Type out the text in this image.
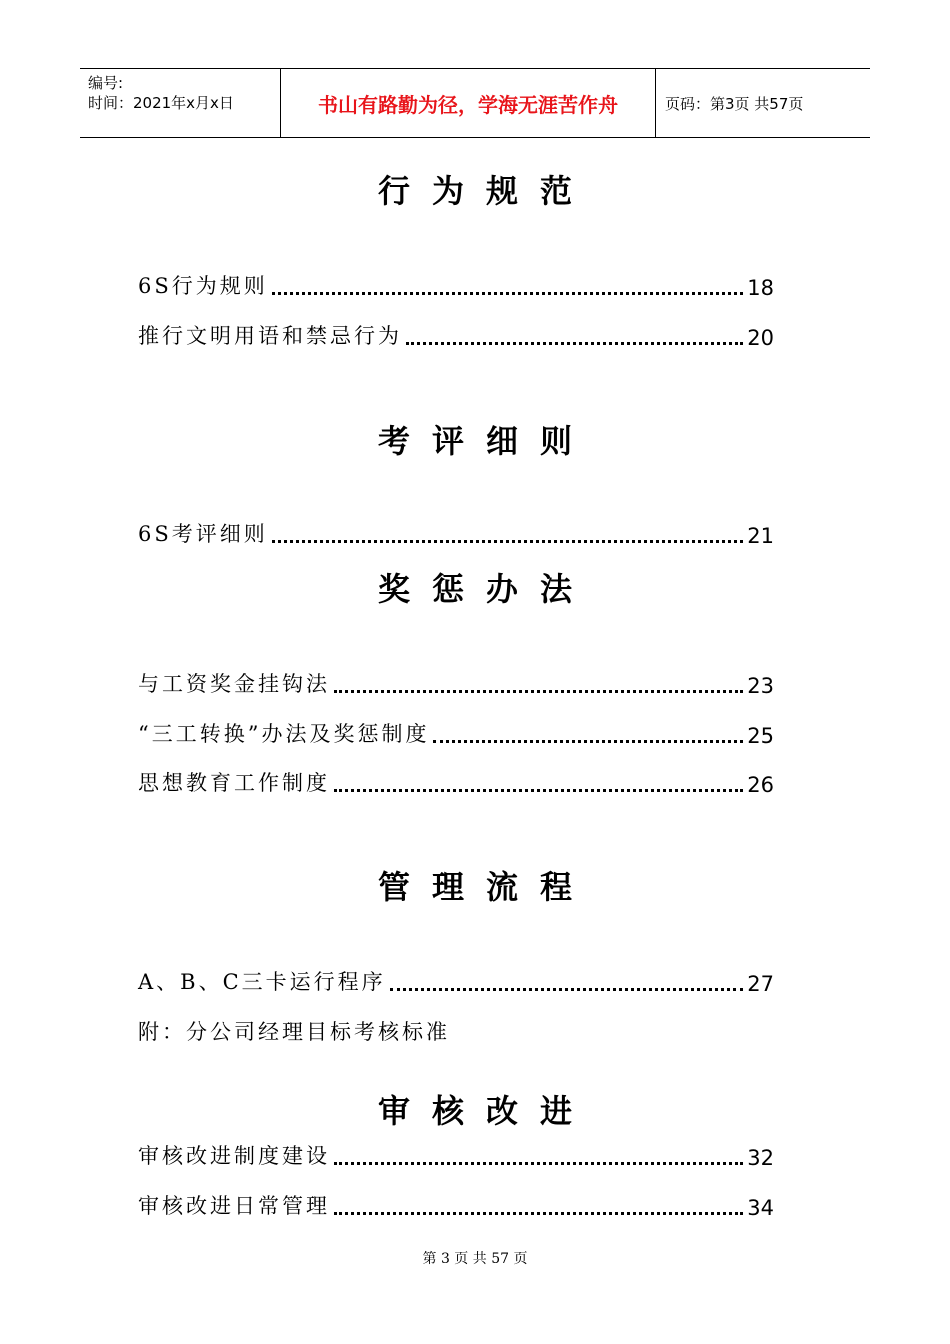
编号:
时间：2021年x月x日	书山有路勤为径，学海无涯苦作舟	页码：第3页 共57页
行为规范
6S行为规则	18
推行文明用语和禁忌行为	20
考评细则
6S考评细则	21
奖惩办法
与工资奖金挂钩法	23
“三工转换”办法及奖惩制度	25
思想教育工作制度	26
管理流程
A、B、C三卡运行程序	27
附：分公司经理目标考核标准
审核改进
审核改进制度建设	32
审核改进日常管理	34
第 3 页 共 57 页
